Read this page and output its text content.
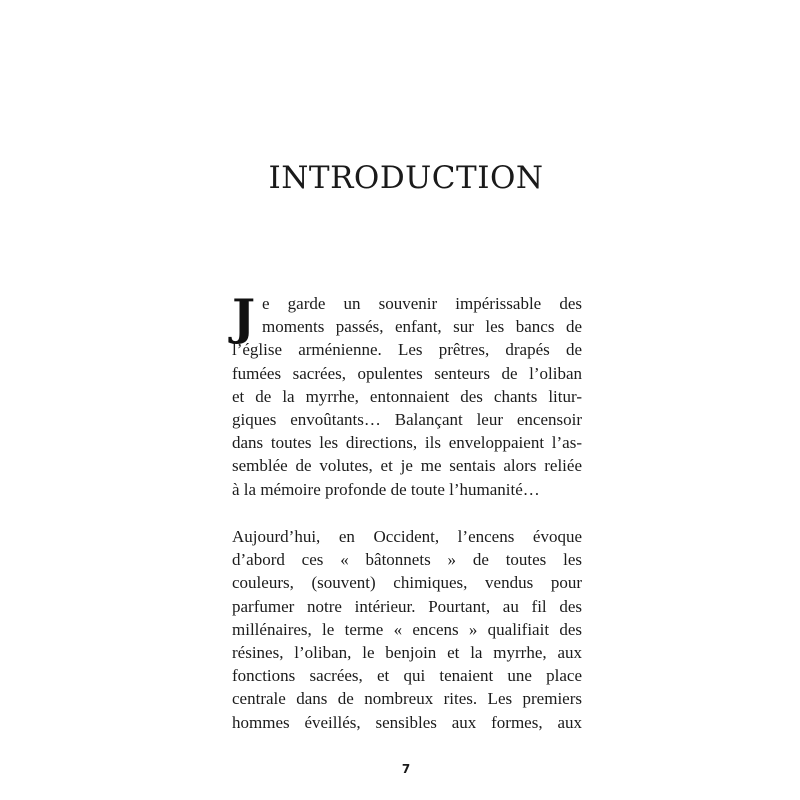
INTRODUCTION
J e garde un souvenir impérissable des
moments passés, enfant, sur les bancs de
l’église arménienne. Les prêtres, drapés de
fumées sacrées, opulentes senteurs de l’oliban
et de la myrrhe, entonnaient des chants litur-
giques envoûtants… Balançant leur encensoir
dans toutes les directions, ils enveloppaient l’as-
semblée de volutes, et je me sentais alors reliée
à la mémoire profonde de toute l’humanité…
Aujourd’hui, en Occident, l’encens évoque
d’abord ces « bâtonnets » de toutes les
couleurs, (souvent) chimiques, vendus pour
parfumer notre intérieur. Pourtant, au fil des
millénaires, le terme « encens » qualifiait des
résines, l’oliban, le benjoin et la myrrhe, aux
fonctions sacrées, et qui tenaient une place
centrale dans de nombreux rites. Les premiers
hommes éveillés, sensibles aux formes, aux
7
